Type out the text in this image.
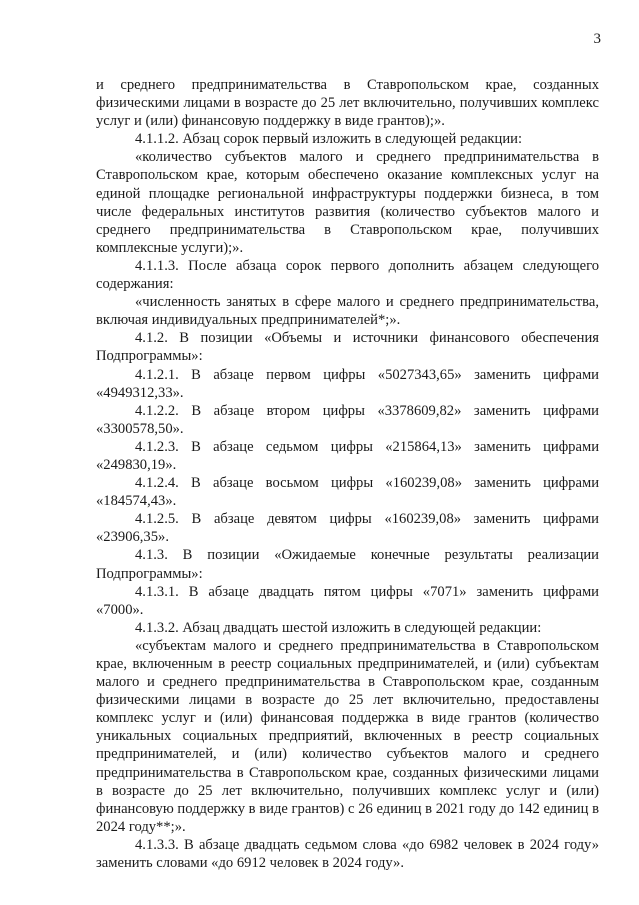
3

и среднего предпринимательства в Ставропольском крае, созданных физическими лицами в возрасте до 25 лет включительно, получивших комплекс услуг и (или) финансовую поддержку в виде грантов);».

4.1.1.2. Абзац сорок первый изложить в следующей редакции:

«количество субъектов малого и среднего предпринимательства в Ставропольском крае, которым обеспечено оказание комплексных услуг на единой площадке региональной инфраструктуры поддержки бизнеса, в том числе федеральных институтов развития (количество субъектов малого и среднего предпринимательства в Ставропольском крае, получивших комплексные услуги);».

4.1.1.3. После абзаца сорок первого дополнить абзацем следующего содержания:

«численность занятых в сфере малого и среднего предпринимательства, включая индивидуальных предпринимателей*;».

4.1.2. В позиции «Объемы и источники финансового обеспечения Подпрограммы»:

4.1.2.1. В абзаце первом цифры «5027343,65» заменить цифрами «4949312,33».

4.1.2.2. В абзаце втором цифры «3378609,82» заменить цифрами «3300578,50».

4.1.2.3. В абзаце седьмом цифры «215864,13» заменить цифрами «249830,19».

4.1.2.4. В абзаце восьмом цифры «160239,08» заменить цифрами «184574,43».

4.1.2.5. В абзаце девятом цифры «160239,08» заменить цифрами «23906,35».

4.1.3. В позиции «Ожидаемые конечные результаты реализации Подпрограммы»:

4.1.3.1. В абзаце двадцать пятом цифры «7071» заменить цифрами «7000».

4.1.3.2. Абзац двадцать шестой изложить в следующей редакции:

«субъектам малого и среднего предпринимательства в Ставропольском крае, включенным в реестр социальных предпринимателей, и (или) субъектам малого и среднего предпринимательства в Ставропольском крае, созданным физическими лицами в возрасте до 25 лет включительно, предоставлены комплекс услуг и (или) финансовая поддержка в виде грантов (количество уникальных социальных предприятий, включенных в реестр социальных предпринимателей, и (или) количество субъектов малого и среднего предпринимательства в Ставропольском крае, созданных физическими лицами в возрасте до 25 лет включительно, получивших комплекс услуг и (или) финансовую поддержку в виде грантов) с 26 единиц в 2021 году до 142 единиц в 2024 году**;».

4.1.3.3. В абзаце двадцать седьмом слова «до 6982 человек в 2024 году» заменить словами «до 6912 человек в 2024 году».
